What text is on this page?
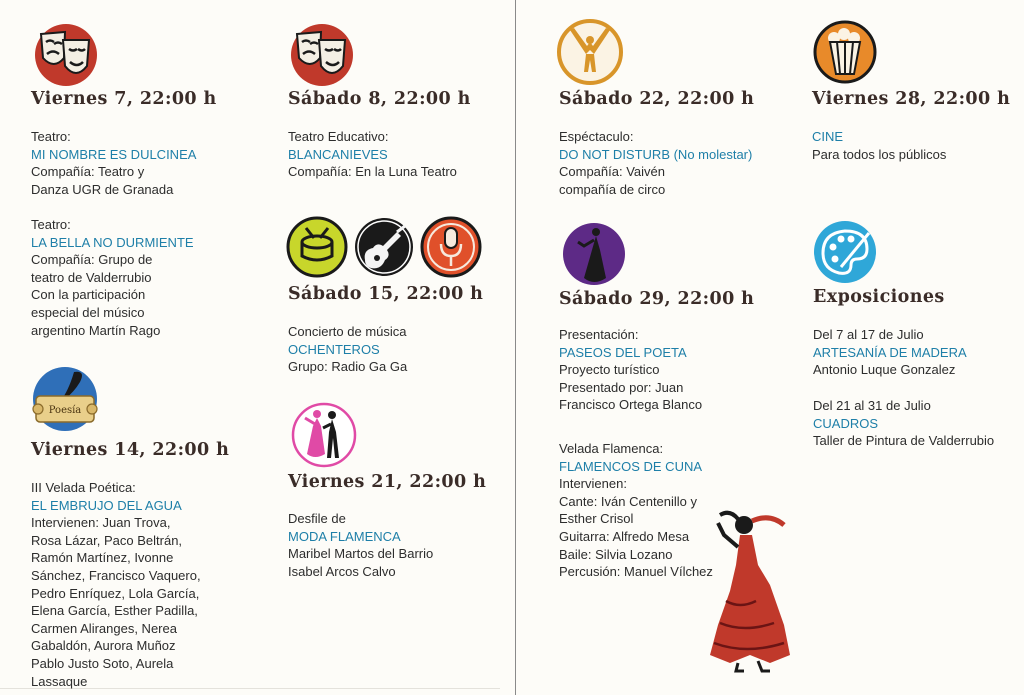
Viernes 7, 22:00 h
Teatro:
MI NOMBRE ES DULCINEA
Compañía: Teatro y
Danza UGR de Granada
Teatro:
LA BELLA NO DURMIENTE
Compañía: Grupo de
teatro de Valderrubio
Con la participación
especial del músico
argentino Martín Rago
Poesía
Viernes 14, 22:00 h
III Velada Poética:
EL EMBRUJO DEL AGUA
Intervienen: Juan Trova,
Rosa Lázar, Paco Beltrán,
Ramón Martínez, Ivonne
Sánchez, Francisco Vaquero,
Pedro Enríquez, Lola García,
Elena García, Esther Padilla,
Carmen Aliranges, Nerea
Gabaldón, Aurora Muñoz
Pablo Justo Soto, Aurela
Lassaque
Sábado 8, 22:00 h
Teatro Educativo:
BLANCANIEVES
Compañía: En la Luna Teatro
Sábado 15, 22:00 h
Concierto de música
OCHENTEROS
Grupo: Radio Ga Ga
Viernes 21, 22:00 h
Desfile de
MODA FLAMENCA
Maribel Martos del Barrio
Isabel Arcos Calvo
Sábado 22, 22:00 h
Espéctaculo:
DO NOT DISTURB (No molestar)
Compañía: Vaivén
compañía de circo
Sábado 29, 22:00 h
Presentación:
PASEOS DEL POETA
Proyecto turístico
Presentado por: Juan
Francisco Ortega Blanco
Velada Flamenca:
FLAMENCOS DE CUNA
Intervienen:
Cante: Iván Centenillo y
Esther Crisol
Guitarra: Alfredo Mesa
Baile: Silvia Lozano
Percusión: Manuel Vílchez
Viernes 28, 22:00 h
CINE
Para todos los públicos
Exposiciones
Del 7 al 17 de Julio
ARTESANÍA DE MADERA
Antonio Luque Gonzalez
Del 21 al 31 de Julio
CUADROS
Taller de Pintura de Valderrubio
